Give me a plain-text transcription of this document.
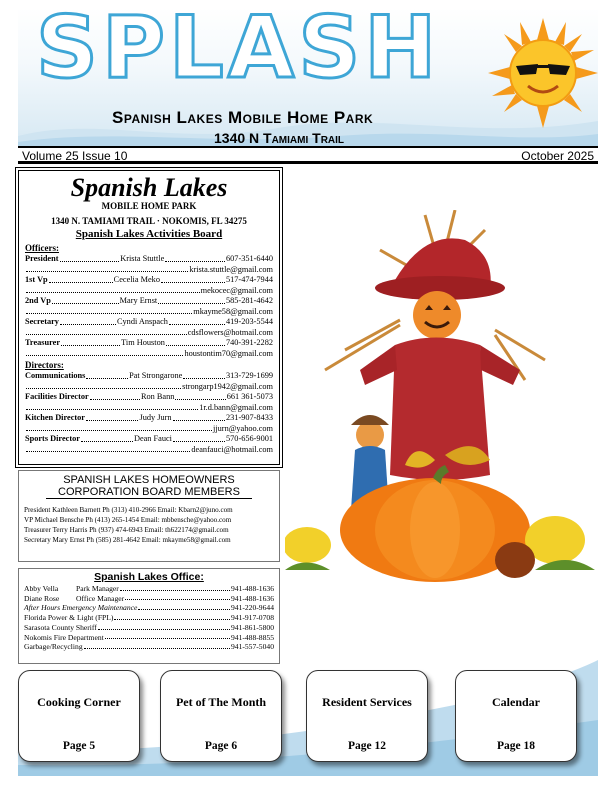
SPLASH
Spanish Lakes Mobile Home Park
1340 N Tamiami Trail
Volume 25 Issue 10	October 2025
Spanish Lakes
MOBILE HOME PARK
1340 N. TAMIAMI TRAIL · NOKOMIS, FL 34275
Spanish Lakes Activities Board
Officers:
President	Krista Stuttle	607-351-6440
krista.stuttle@gmail.com
1st Vp	Cecelia Meko	517-474-7944
mekocec@gmail.com
2nd Vp	Mary Ernst	585-281-4642
mkayme58@gmail.com
Secretary	Cyndi Anspach	419-203-5544
cdsflowers@hotmail.com
Treasurer	Tim Houston	740-391-2282
houstontim70@gmail.com
Directors:
Communications	Pat Strongarone	313-729-1699
strongarp1942@gmail.com
Facilities Director	Ron Bann	661 361-5073
1r.d.bann@gmail.com
Kitchen Director	Judy Jurn	231-907-8433
jjurn@yahoo.com
Sports Director	Dean Fauci	570-656-9001
deanfauci@hotmail.com
SPANISH LAKES HOMEOWNERS
CORPORATION BOARD MEMBERS
President Kathleen Barnett Ph (313) 410-2966 Email: Kbarn2@juno.com
VP Michael Bensche Ph (413) 265-1454 Email: mbbensche@yahoo.com
Treasurer Terry Harris Ph (937) 474-6943 Email: th622174@gmail.com
Secretary Mary Ernst Ph (585) 281-4642 Email: mkayme58@gmail.com
Spanish Lakes Office:
Abby Vella	Park Manager	941-488-1636
Diane Rose	Office Manager	941-488-1636
After Hours Emergency Maintenance	941-220-9644
Florida Power & Light (FPL)	941-917-0708
Sarasota County Sheriff	941-861-5800
Nokomis Fire Department	941-488-8855
Garbage/Recycling	941-557-5040
Cooking Corner
Page 5
Pet of The Month
Page 6
Resident Services
Page 12
Calendar
Page 18
